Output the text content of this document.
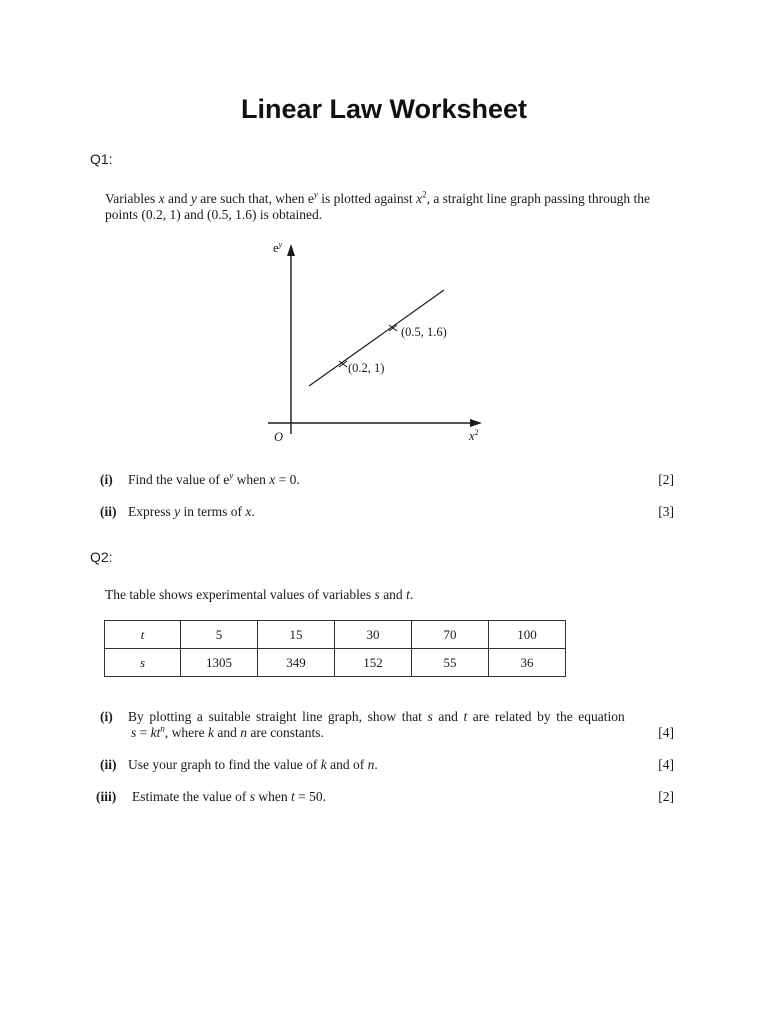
Linear Law Worksheet
Q1:
Variables x and y are such that, when $e^y$ is plotted against $x^2$, a straight line graph passing through the
points (0.2, 1) and (0.5, 1.6) is obtained.
$e^y$
$x^2$
O
(0.2, 1)
(0.5, 1.6)
(i) Find the value of $e^y$ when x = 0.	[2]
(ii) Express y in terms of x.	[3]
Q2:
The table shows experimental values of variables s and t.
t	5	15	30	70	100
s	1305	349	152	55	36
(i) By plotting a suitable straight line graph, show that s and t are related by the equation
$s = kt^n$, where k and n are constants.	[4]
(ii) Use your graph to find the value of k and of n.	[4]
(iii) Estimate the value of s when t = 50.	[2]
